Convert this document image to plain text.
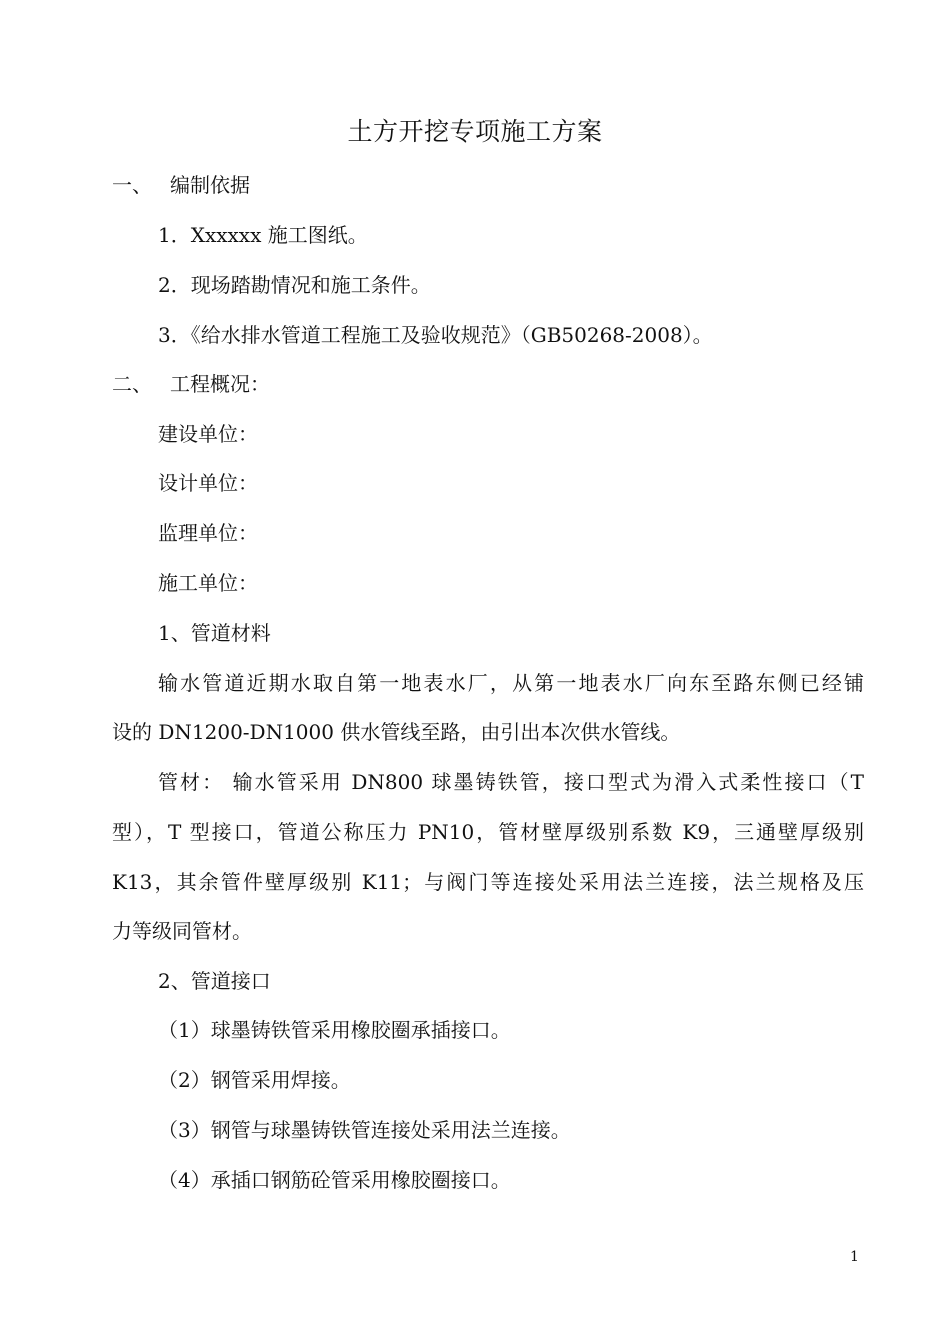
土方开挖专项施工方案
一、 编制依据
1．Xxxxxx 施工图纸。
2．现场踏勘情况和施工条件。
3．《给水排水管道工程施工及验收规范》（GB50268-2008）。
二、 工程概况：
建设单位：
设计单位：
监理单位：
施工单位：
1、管道材料
输水管道近期水取自第一地表水厂，从第一地表水厂向东至路东侧已经铺
设的 DN1200-DN1000 供水管线至路，由引出本次供水管线。
管材： 输水管采用 DN800 球墨铸铁管，接口型式为滑入式柔性接口（T
型），T 型接口，管道公称压力 PN10，管材壁厚级别系数 K9，三通壁厚级别
K13，其余管件壁厚级别 K11；与阀门等连接处采用法兰连接，法兰规格及压
力等级同管材。
2、管道接口
（1）球墨铸铁管采用橡胶圈承插接口。
（2）钢管采用焊接。
（3）钢管与球墨铸铁管连接处采用法兰连接。
（4）承插口钢筋砼管采用橡胶圈接口。
1
